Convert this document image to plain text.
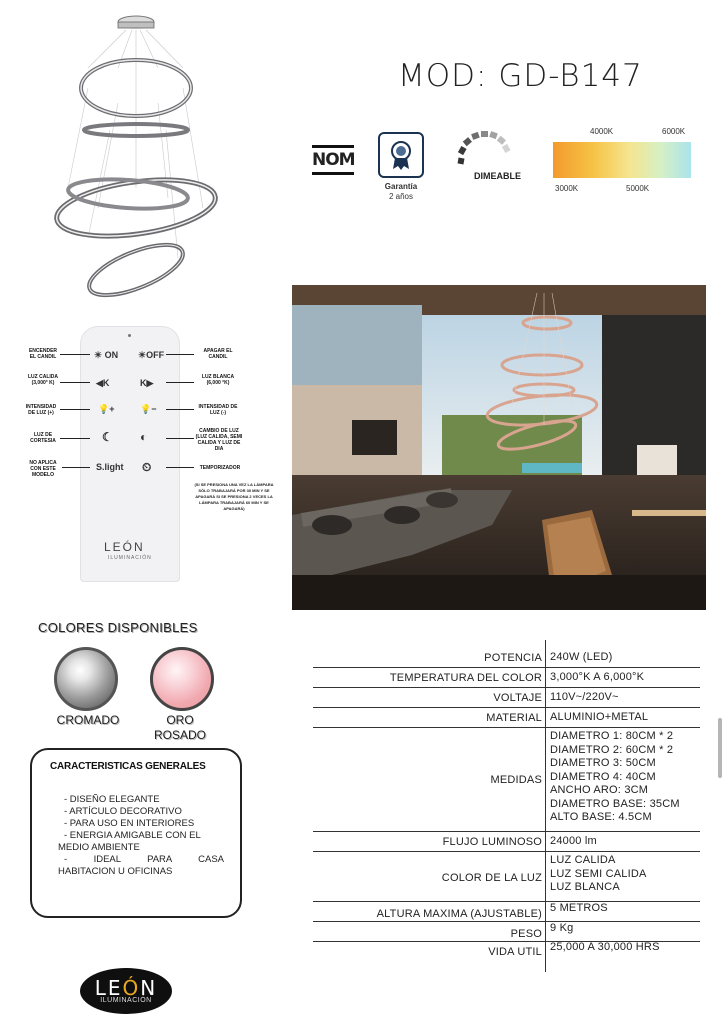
MOD: GD-B147
NOM
Garantía
2 años
DIMEABLE
4000K	6000K
3000K	5000K
☀ ON ☀OFF
◀K	K▶
💡+	💡−
☾ ◐
S.light ⏲
ENCENDER EL CANDIL
LUZ CALIDA (3,000° K)
INTENSIDAD DE LUZ (+)
LUZ DE CORTESIA
NO APLICA CON ESTE MODELO
APAGAR EL CANDIL
LUZ BLANCA (6,000 °K)
INTENSIDAD DE LUZ (-)
CAMBIO DE LUZ (LUZ CALIDA, SEMI CALIDA Y LUZ DE DIA
TEMPORIZADOR
(SI SE PRESIONA UNA VEZ LA LÁMPARA SÓLO TRABAJARÁ POR 30 MIN Y SE APAGARÁ SI SE PRESIONA 2 VECES LA LÁMPARA TRABAJARÁ 60 MIN Y SE APAGARÁ)
LEÓN
ILUMINACIÓN
COLORES DISPONIBLES
CROMADO	ORO
ROSADO
CARACTERISTICAS GENERALES
- DISEÑO ELEGANTE
- ARTÍCULO DECORATIVO
- PARA USO EN INTERIORES
- ENERGIA AMIGABLE CON EL
MEDIO AMBIENTE
- IDEAL PARA CASA
HABITACION U OFICINAS
LEÓN
ILUMINACIÓN
POTENCIA 240W (LED)
TEMPERATURA DEL COLOR 3,000°K A 6,000°K
VOLTAJE 110V~/220V~
MATERIAL ALUMINIO+METAL
MEDIDAS
DIAMETRO 1: 80CM * 2
DIAMETRO 2: 60CM * 2
DIAMETRO 3: 50CM
DIAMETRO 4: 40CM
ANCHO ARO: 3CM
DIAMETRO BASE: 35CM
ALTO BASE: 4.5CM
FLUJO LUMINOSO 24000 lm
COLOR DE LA LUZ
LUZ CALIDA
LUZ SEMI CALIDA
LUZ BLANCA
ALTURA MAXIMA (AJUSTABLE) 5 METROS
PESO 9 Kg
VIDA UTIL 25,000 A 30,000 HRS
